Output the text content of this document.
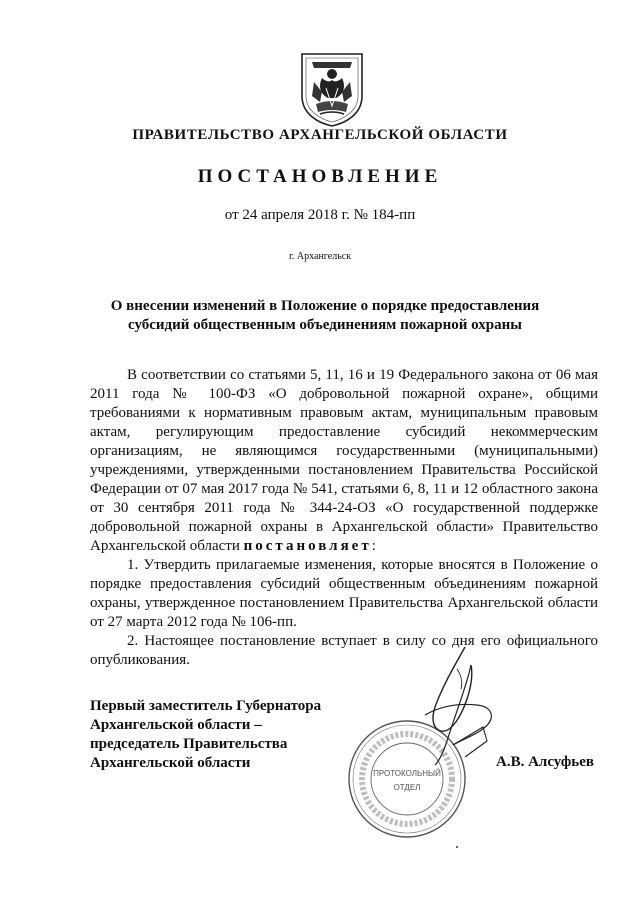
ПРАВИТЕЛЬСТВО АРХАНГЕЛЬСКОЙ ОБЛАСТИ
ПОСТАНОВЛЕНИЕ
от 24 апреля 2018 г. № 184-пп
г. Архангельск
О внесении изменений в Положение о порядке предоставления
субсидий общественным объединениям пожарной охраны

В соответствии со статьями 5, 11, 16 и 19 Федерального закона от 06 мая 2011 года № 100-ФЗ «О добровольной пожарной охране», общими требованиями к нормативным правовым актам, муниципальным правовым актам, регулирующим предоставление субсидий некоммерческим организациям, не являющимся государственными (муниципальными) учреждениями, утвержденными постановлением Правительства Российской Федерации от 07 мая 2017 года № 541, статьями 6, 8, 11 и 12 областного закона от 30 сентября 2011 года № 344-24-ОЗ «О государственной поддержке добровольной пожарной охраны в Архангельской области» Правительство Архангельской области постановляет:

1. Утвердить прилагаемые изменения, которые вносятся в Положение о порядке предоставления субсидий общественным объединениям пожарной охраны, утвержденное постановлением Правительства Архангельской области от 27 марта 2012 года № 106-пп.

2. Настоящее постановление вступает в силу со дня его официального опубликования.

Первый заместитель Губернатора
Архангельской области –
председатель Правительства
Архангельской области	А.В. Алсуфьев
ПРОТОКОЛЬНЫЙ
ОТДЕЛ
